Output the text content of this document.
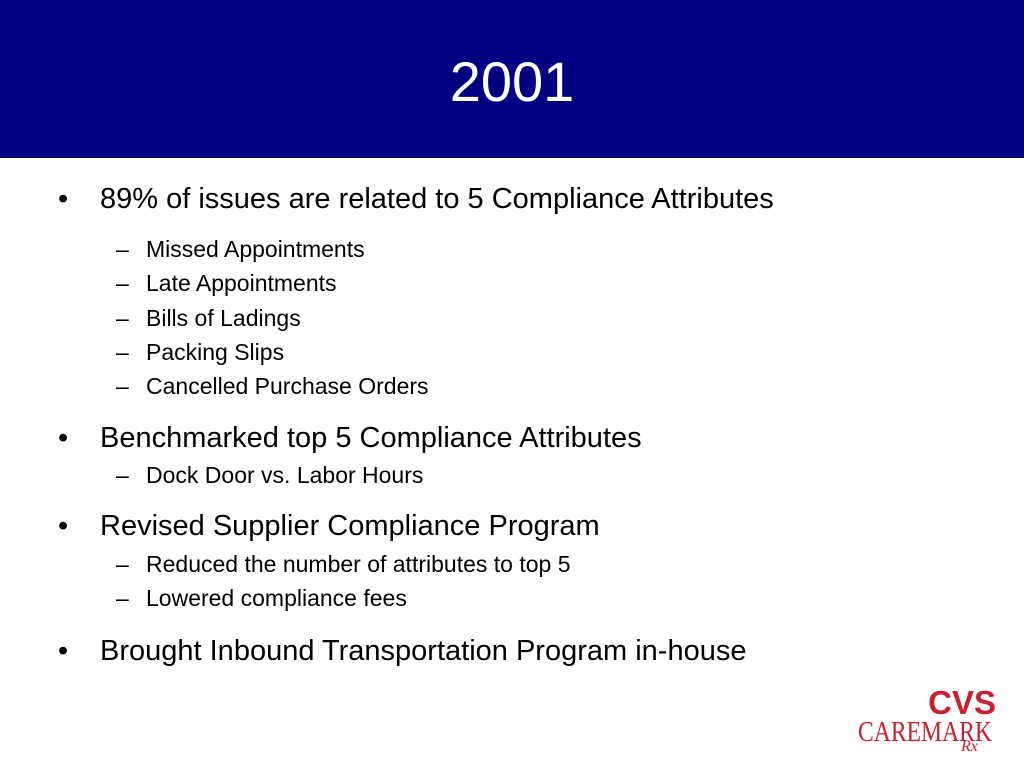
2001
• 89% of issues are related to 5 Compliance Attributes
– Missed Appointments
– Late Appointments
– Bills of Ladings
– Packing Slips
– Cancelled Purchase Orders
• Benchmarked top 5 Compliance Attributes
– Dock Door vs. Labor Hours
• Revised Supplier Compliance Program
– Reduced the number of attributes to top 5
– Lowered compliance fees
• Brought Inbound Transportation Program in-house
CVS
CAREMARK
Rx
